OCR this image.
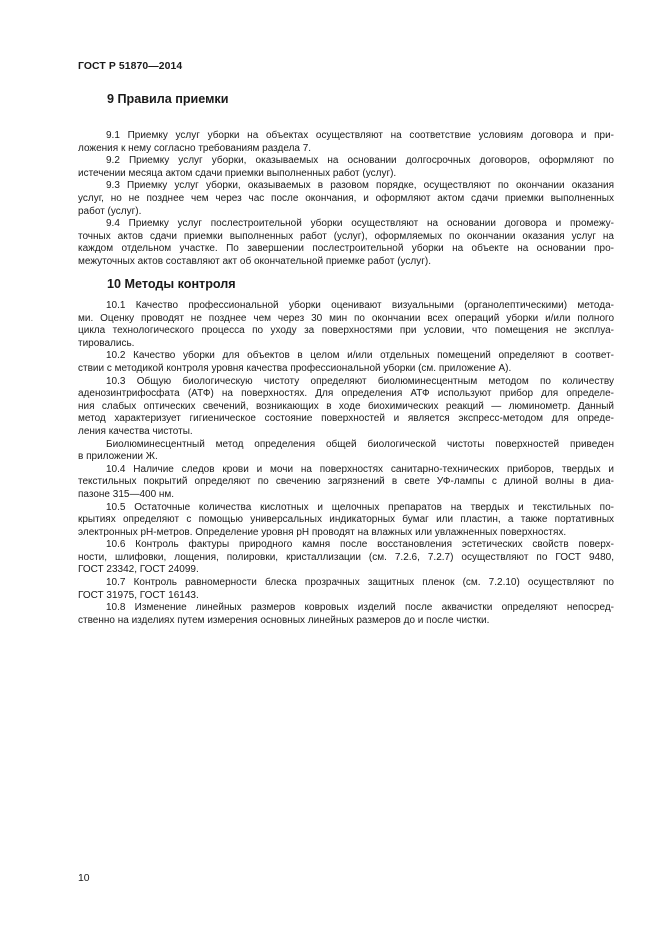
ГОСТ Р 51870—2014
9 Правила приемки
9.1 Приемку услуг уборки на объектах осуществляют на соответствие условиям договора и при-
ложения к нему согласно требованиям раздела 7.
9.2 Приемку услуг уборки, оказываемых на основании долгосрочных договоров, оформляют по
истечении месяца актом сдачи приемки выполненных работ (услуг).
9.3 Приемку услуг уборки, оказываемых в разовом порядке, осуществляют по окончании оказания
услуг, но не позднее чем через час после окончания, и оформляют актом сдачи приемки выполненных
работ (услуг).
9.4 Приемку услуг послестроительной уборки осуществляют на основании договора и промежу-
точных актов сдачи приемки выполненных работ (услуг), оформляемых по окончании оказания услуг на
каждом отдельном участке. По завершении послестроительной уборки на объекте на основании про-
межуточных актов составляют акт об окончательной приемке работ (услуг).
10 Методы контроля
10.1 Качество профессиональной уборки оценивают визуальными (органолептическими) метода-
ми. Оценку проводят не позднее чем через 30 мин по окончании всех операций уборки и/или полного
цикла технологического процесса по уходу за поверхностями при условии, что помещения не эксплуа-
тировались.
10.2 Качество уборки для объектов в целом и/или отдельных помещений определяют в соответ-
ствии с методикой контроля уровня качества профессиональной уборки (см. приложение А).
10.3 Общую биологическую чистоту определяют биолюминесцентным методом по количеству
аденозинтрифосфата (АТФ) на поверхностях. Для определения АТФ используют прибор для определе-
ния слабых оптических свечений, возникающих в ходе биохимических реакций — люминометр. Данный
метод характеризует гигиеническое состояние поверхностей и является экспресс-методом для опреде-
ления качества чистоты.
Биолюминесцентный метод определения общей биологической чистоты поверхностей приведен
в приложении Ж.
10.4 Наличие следов крови и мочи на поверхностях санитарно-технических приборов, твердых и
текстильных покрытий определяют по свечению загрязнений в свете УФ-лампы с длиной волны в диа-
пазоне 315—400 нм.
10.5 Остаточные количества кислотных и щелочных препаратов на твердых и текстильных по-
крытиях определяют с помощью универсальных индикаторных бумаг или пластин, а также портативных
электронных pH-метров. Определение уровня pH проводят на влажных или увлажненных поверхностях.
10.6 Контроль фактуры природного камня после восстановления эстетических свойств поверх-
ности, шлифовки, лощения, полировки, кристаллизации (см. 7.2.6, 7.2.7) осуществляют по ГОСТ 9480,
ГОСТ 23342, ГОСТ 24099.
10.7 Контроль равномерности блеска прозрачных защитных пленок (см. 7.2.10) осуществляют по
ГОСТ 31975, ГОСТ 16143.
10.8 Изменение линейных размеров ковровых изделий после аквачистки определяют непосред-
ственно на изделиях путем измерения основных линейных размеров до и после чистки.
10
